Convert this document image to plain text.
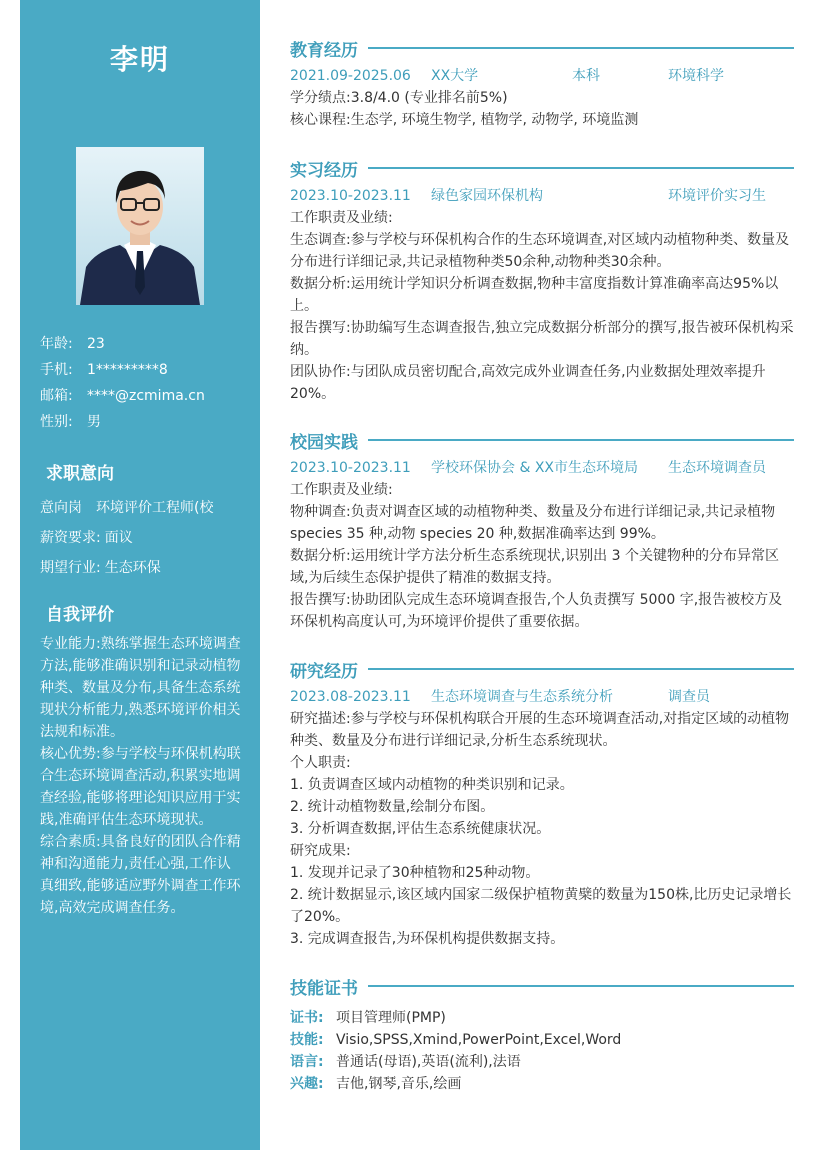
李明
年龄: 23
手机: 1*********8
邮箱: ****@zcmima.cn
性别: 男
求职意向
意向岗 环境评价工程师(校
薪资要求: 面议
期望行业: 生态环保
自我评价

专业能力:熟练掌握生态环境调查方法,能够准确识别和记录动植物种类、数量及分布,具备生态系统现状分析能力,熟悉环境评价相关法规和标准。

核心优势:参与学校与环保机构联合生态环境调查活动,积累实地调查经验,能够将理论知识应用于实践,准确评估生态环境现状。

综合素质:具备良好的团队合作精神和沟通能力,责任心强,工作认真细致,能够适应野外调查工作环境,高效完成调查任务。

教育经历
2021.09-2025.06 XX大学	本科	环境科学

学分绩点:3.8/4.0 (专业排名前5%)

核心课程:生态学, 环境生物学, 植物学, 动物学, 环境监测

实习经历
2023.10-2023.11 绿色家园环保机构	环境评价实习生

工作职责及业绩:

生态调查:参与学校与环保机构合作的生态环境调查,对区域内动植物种类、数量及分布进行详细记录,共记录植物种类50余种,动物种类30余种。

数据分析:运用统计学知识分析调查数据,物种丰富度指数计算准确率高达95%以上。

报告撰写:协助编写生态调查报告,独立完成数据分析部分的撰写,报告被环保机构采纳。

团队协作:与团队成员密切配合,高效完成外业调查任务,内业数据处理效率提升20%。

校园实践
2023.10-2023.11 学校环保协会 & XX市生态环境局 生态环境调查员

工作职责及业绩:

物种调查:负责对调查区域的动植物种类、数量及分布进行详细记录,共记录植物 species 35 种,动物 species 20 种,数据准确率达到 99%。

数据分析:运用统计学方法分析生态系统现状,识别出 3 个关键物种的分布异常区域,为后续生态保护提供了精准的数据支持。

报告撰写:协助团队完成生态环境调查报告,个人负责撰写 5000 字,报告被校方及环保机构高度认可,为环境评价提供了重要依据。

研究经历
2023.08-2023.11 生态环境调查与生态系统分析	调查员

研究描述:参与学校与环保机构联合开展的生态环境调查活动,对指定区域的动植物种类、数量及分布进行详细记录,分析生态系统现状。

个人职责:

1. 负责调查区域内动植物的种类识别和记录。

2. 统计动植物数量,绘制分布图。

3. 分析调查数据,评估生态系统健康状况。

研究成果:

1. 发现并记录了30种植物和25种动物。

2. 统计数据显示,该区域内国家二级保护植物黄檗的数量为150株,比历史记录增长了20%。

3. 完成调查报告,为环保机构提供数据支持。

技能证书
证书: 项目管理师(PMP)
技能: Visio,SPSS,Xmind,PowerPoint,Excel,Word
语言: 普通话(母语),英语(流利),法语
兴趣: 吉他,钢琴,音乐,绘画
